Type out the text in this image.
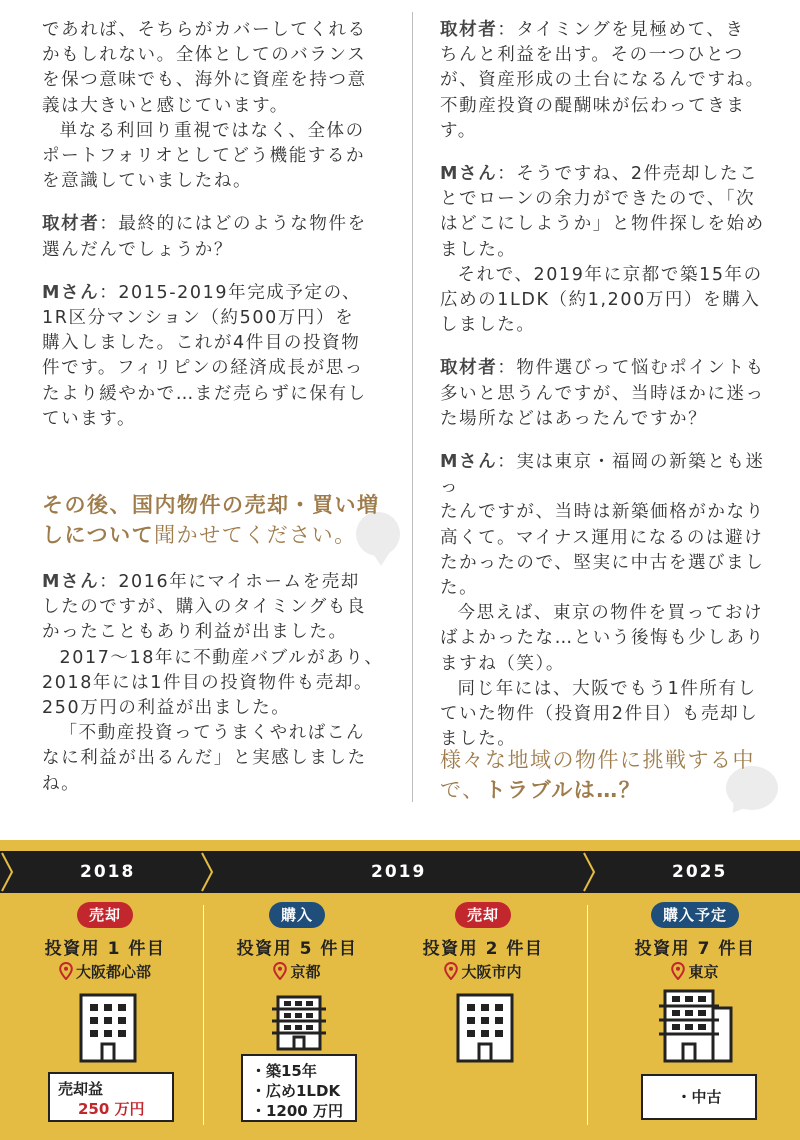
であれば、そちらがカバーしてくれる

かもしれない。全体としてのバランス

を保つ意味でも、海外に資産を持つ意

義は大きいと感じています。

単なる利回り重視ではなく、全体の

ポートフォリオとしてどう機能するか

を意識していましたね。

取材者：最終的にはどのような物件を

選んだんでしょうか？

Mさん：2015-2019年完成予定の、

1R区分マンション（約500万円）を

購入しました。これが4件目の投資物

件です。フィリピンの経済成長が思っ

たより緩やかで…まだ売らずに保有し

ています。

その後、国内物件の売却・買い増しについて聞かせてください。

Mさん：2016年にマイホームを売却

したのですが、購入のタイミングも良

かったこともあり利益が出ました。

2017～18年に不動産バブルがあり、

2018年には1件目の投資物件も売却。

250万円の利益が出ました。

「不動産投資ってうまくやればこん

なに利益が出るんだ」と実感しました

ね。

取材者：タイミングを見極めて、き

ちんと利益を出す。その一つひとつ

が、資産形成の土台になるんですね。

不動産投資の醍醐味が伝わってきま

す。

Mさん：そうですね、2件売却したこ

とでローンの余力ができたので、「次

はどこにしようか」と物件探しを始め

ました。

それで、2019年に京都で築15年の

広めの1LDK（約1,200万円）を購入

しました。

取材者：物件選びって悩むポイントも

多いと思うんですが、当時ほかに迷っ

た場所などはあったんですか？

Mさん：実は東京・福岡の新築とも迷っ

たんですが、当時は新築価格がかなり

高くて。マイナス運用になるのは避け

たかったので、堅実に中古を選びまし

た。

今思えば、東京の物件を買っておけ

ばよかったな…という後悔も少しあり

ますね（笑）。

同じ年には、大阪でもう1件所有し

ていた物件（投資用2件目）も売却し

ました。

様々な地域の物件に挑戦する中で、トラブルは…？
2018	2019	2025
売却
投資用 1 件目
大阪都心部
売却益
250 万円
購入
投資用 5 件目
京都
・築15年
・広め1LDK
・1200 万円
売却
投資用 2 件目
大阪市内
購入予定
投資用 7 件目
東京
・中古
